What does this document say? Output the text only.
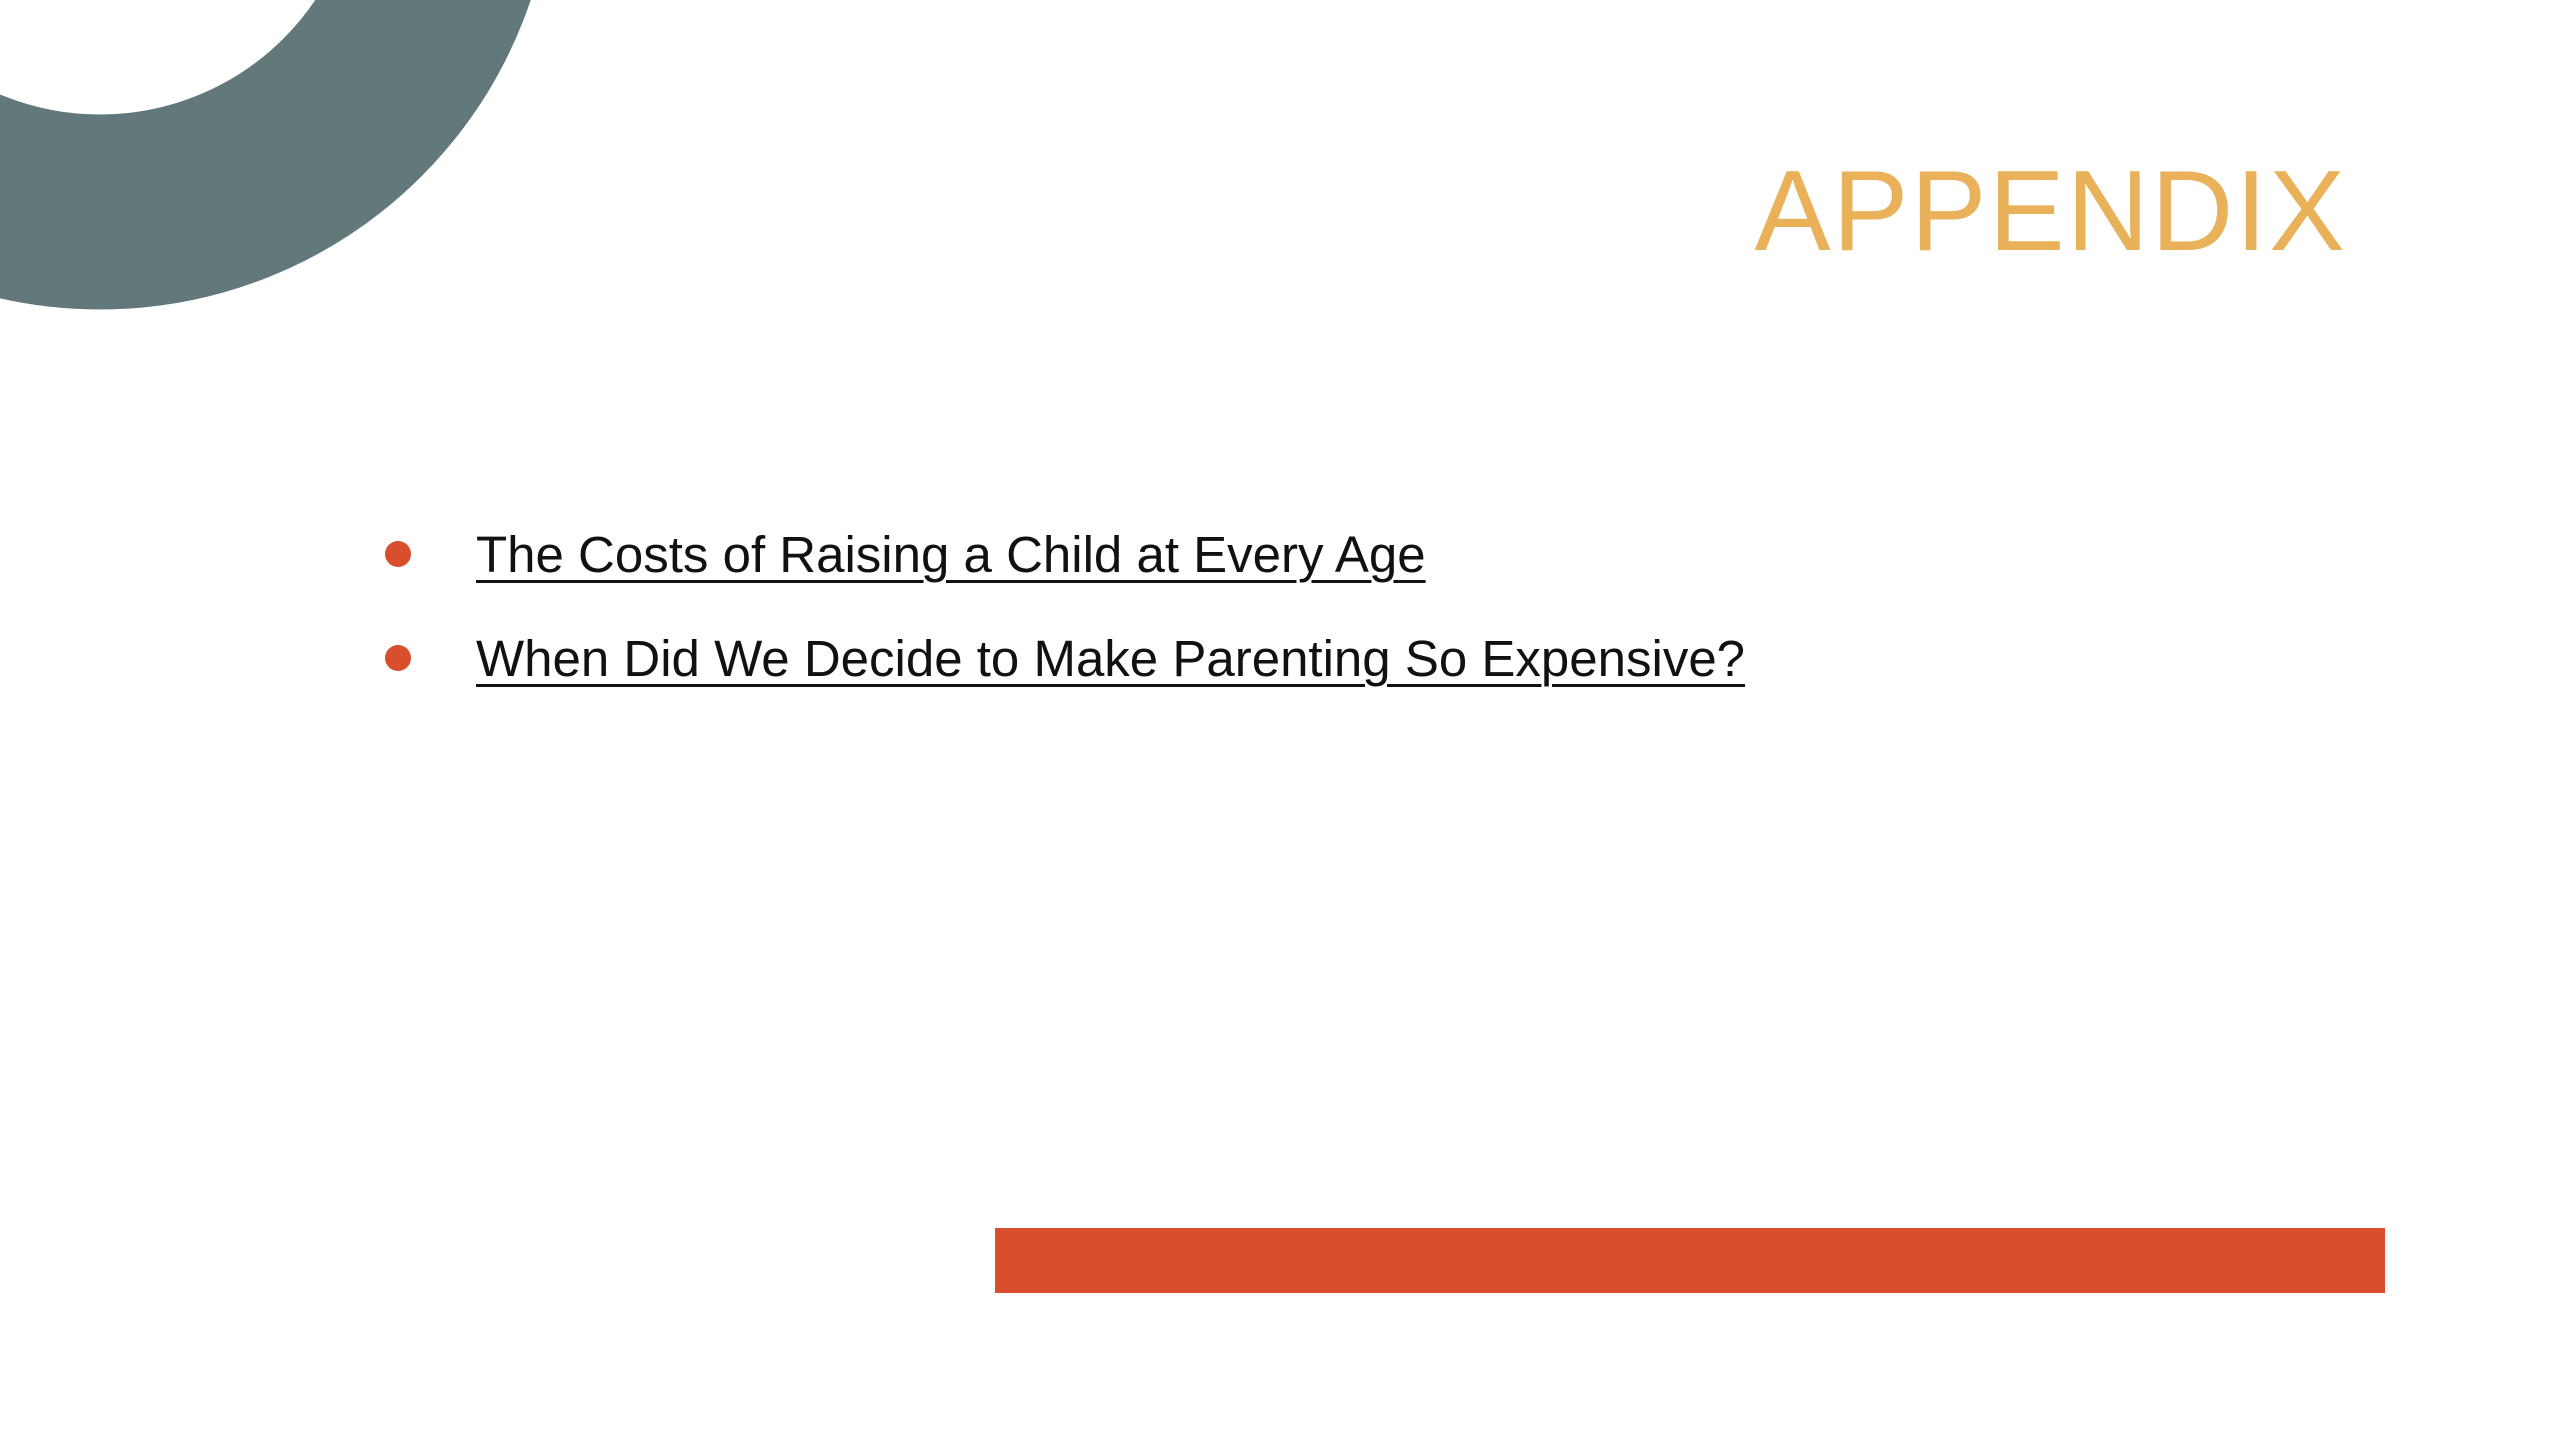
APPENDIX
The Costs of Raising a Child at Every Age
When Did We Decide to Make Parenting So Expensive?
